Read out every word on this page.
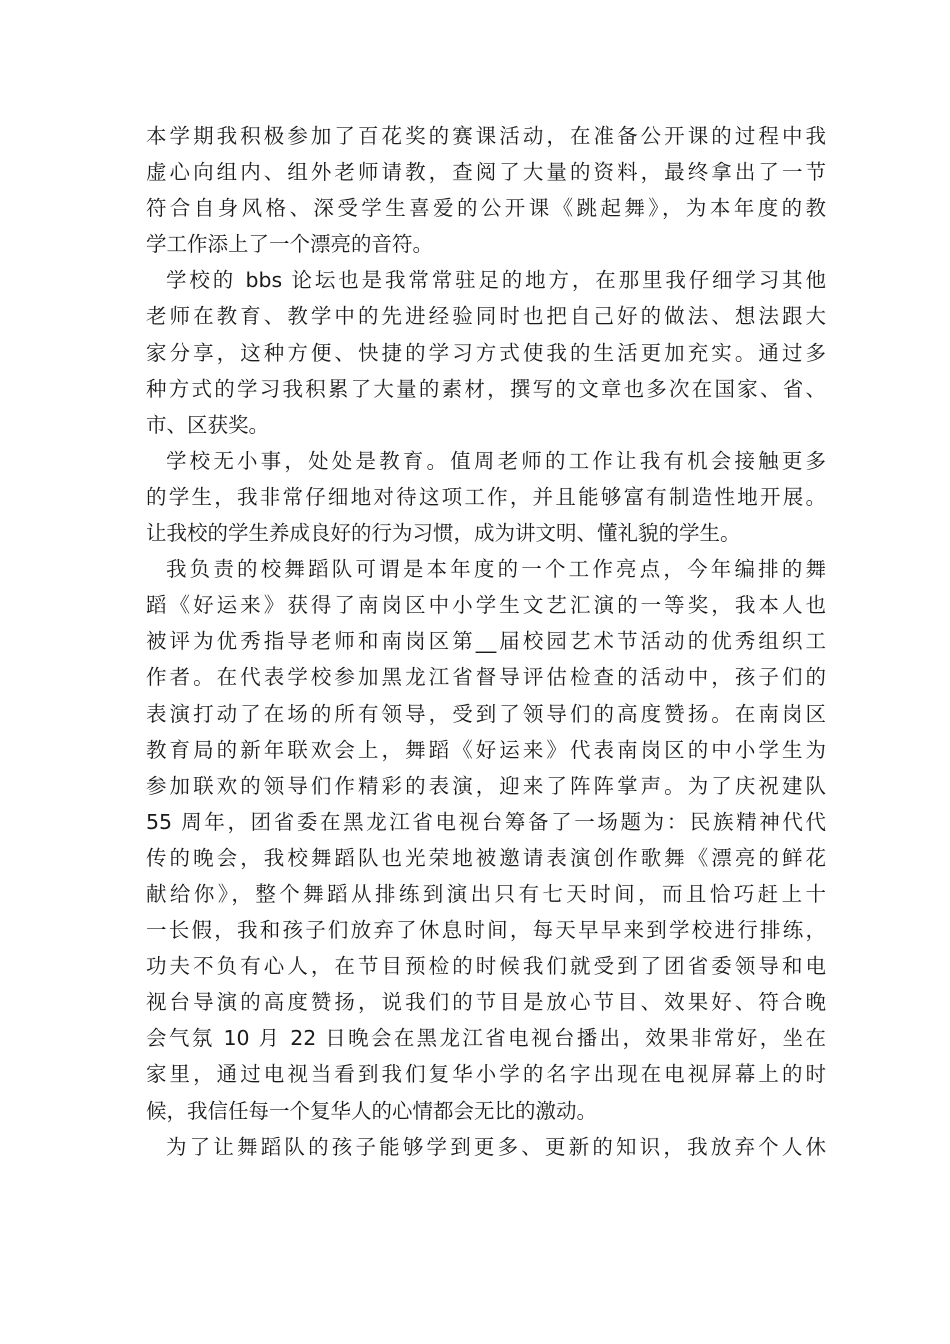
本学期我积极参加了百花奖的赛课活动，在准备公开课的过程中我
虚心向组内、组外老师请教，查阅了大量的资料，最终拿出了一节
符合自身风格、深受学生喜爱的公开课《跳起舞》，为本年度的教
学工作添上了一个漂亮的音符。
学校的 bbs 论坛也是我常常驻足的地方，在那里我仔细学习其他
老师在教育、教学中的先进经验同时也把自己好的做法、想法跟大
家分享，这种方便、快捷的学习方式使我的生活更加充实。通过多
种方式的学习我积累了大量的素材，撰写的文章也多次在国家、省、
市、区获奖。
学校无小事，处处是教育。值周老师的工作让我有机会接触更多
的学生，我非常仔细地对待这项工作，并且能够富有制造性地开展。
让我校的学生养成良好的行为习惯，成为讲文明、懂礼貌的学生。
我负责的校舞蹈队可谓是本年度的一个工作亮点，今年编排的舞
蹈《好运来》获得了南岗区中小学生文艺汇演的一等奖，我本人也
被评为优秀指导老师和南岗区第__届校园艺术节活动的优秀组织工
作者。在代表学校参加黑龙江省督导评估检查的活动中，孩子们的
表演打动了在场的所有领导，受到了领导们的高度赞扬。在南岗区
教育局的新年联欢会上，舞蹈《好运来》代表南岗区的中小学生为
参加联欢的领导们作精彩的表演，迎来了阵阵掌声。为了庆祝建队
55 周年，团省委在黑龙江省电视台筹备了一场题为：民族精神代代
传的晚会，我校舞蹈队也光荣地被邀请表演创作歌舞《漂亮的鲜花
献给你》，整个舞蹈从排练到演出只有七天时间，而且恰巧赶上十
一长假，我和孩子们放弃了休息时间，每天早早来到学校进行排练，
功夫不负有心人，在节目预检的时候我们就受到了团省委领导和电
视台导演的高度赞扬，说我们的节目是放心节目、效果好、符合晚
会气氛 10 月 22 日晚会在黑龙江省电视台播出，效果非常好，坐在
家里，通过电视当看到我们复华小学的名字出现在电视屏幕上的时
候，我信任每一个复华人的心情都会无比的激动。
为了让舞蹈队的孩子能够学到更多、更新的知识，我放弃个人休
